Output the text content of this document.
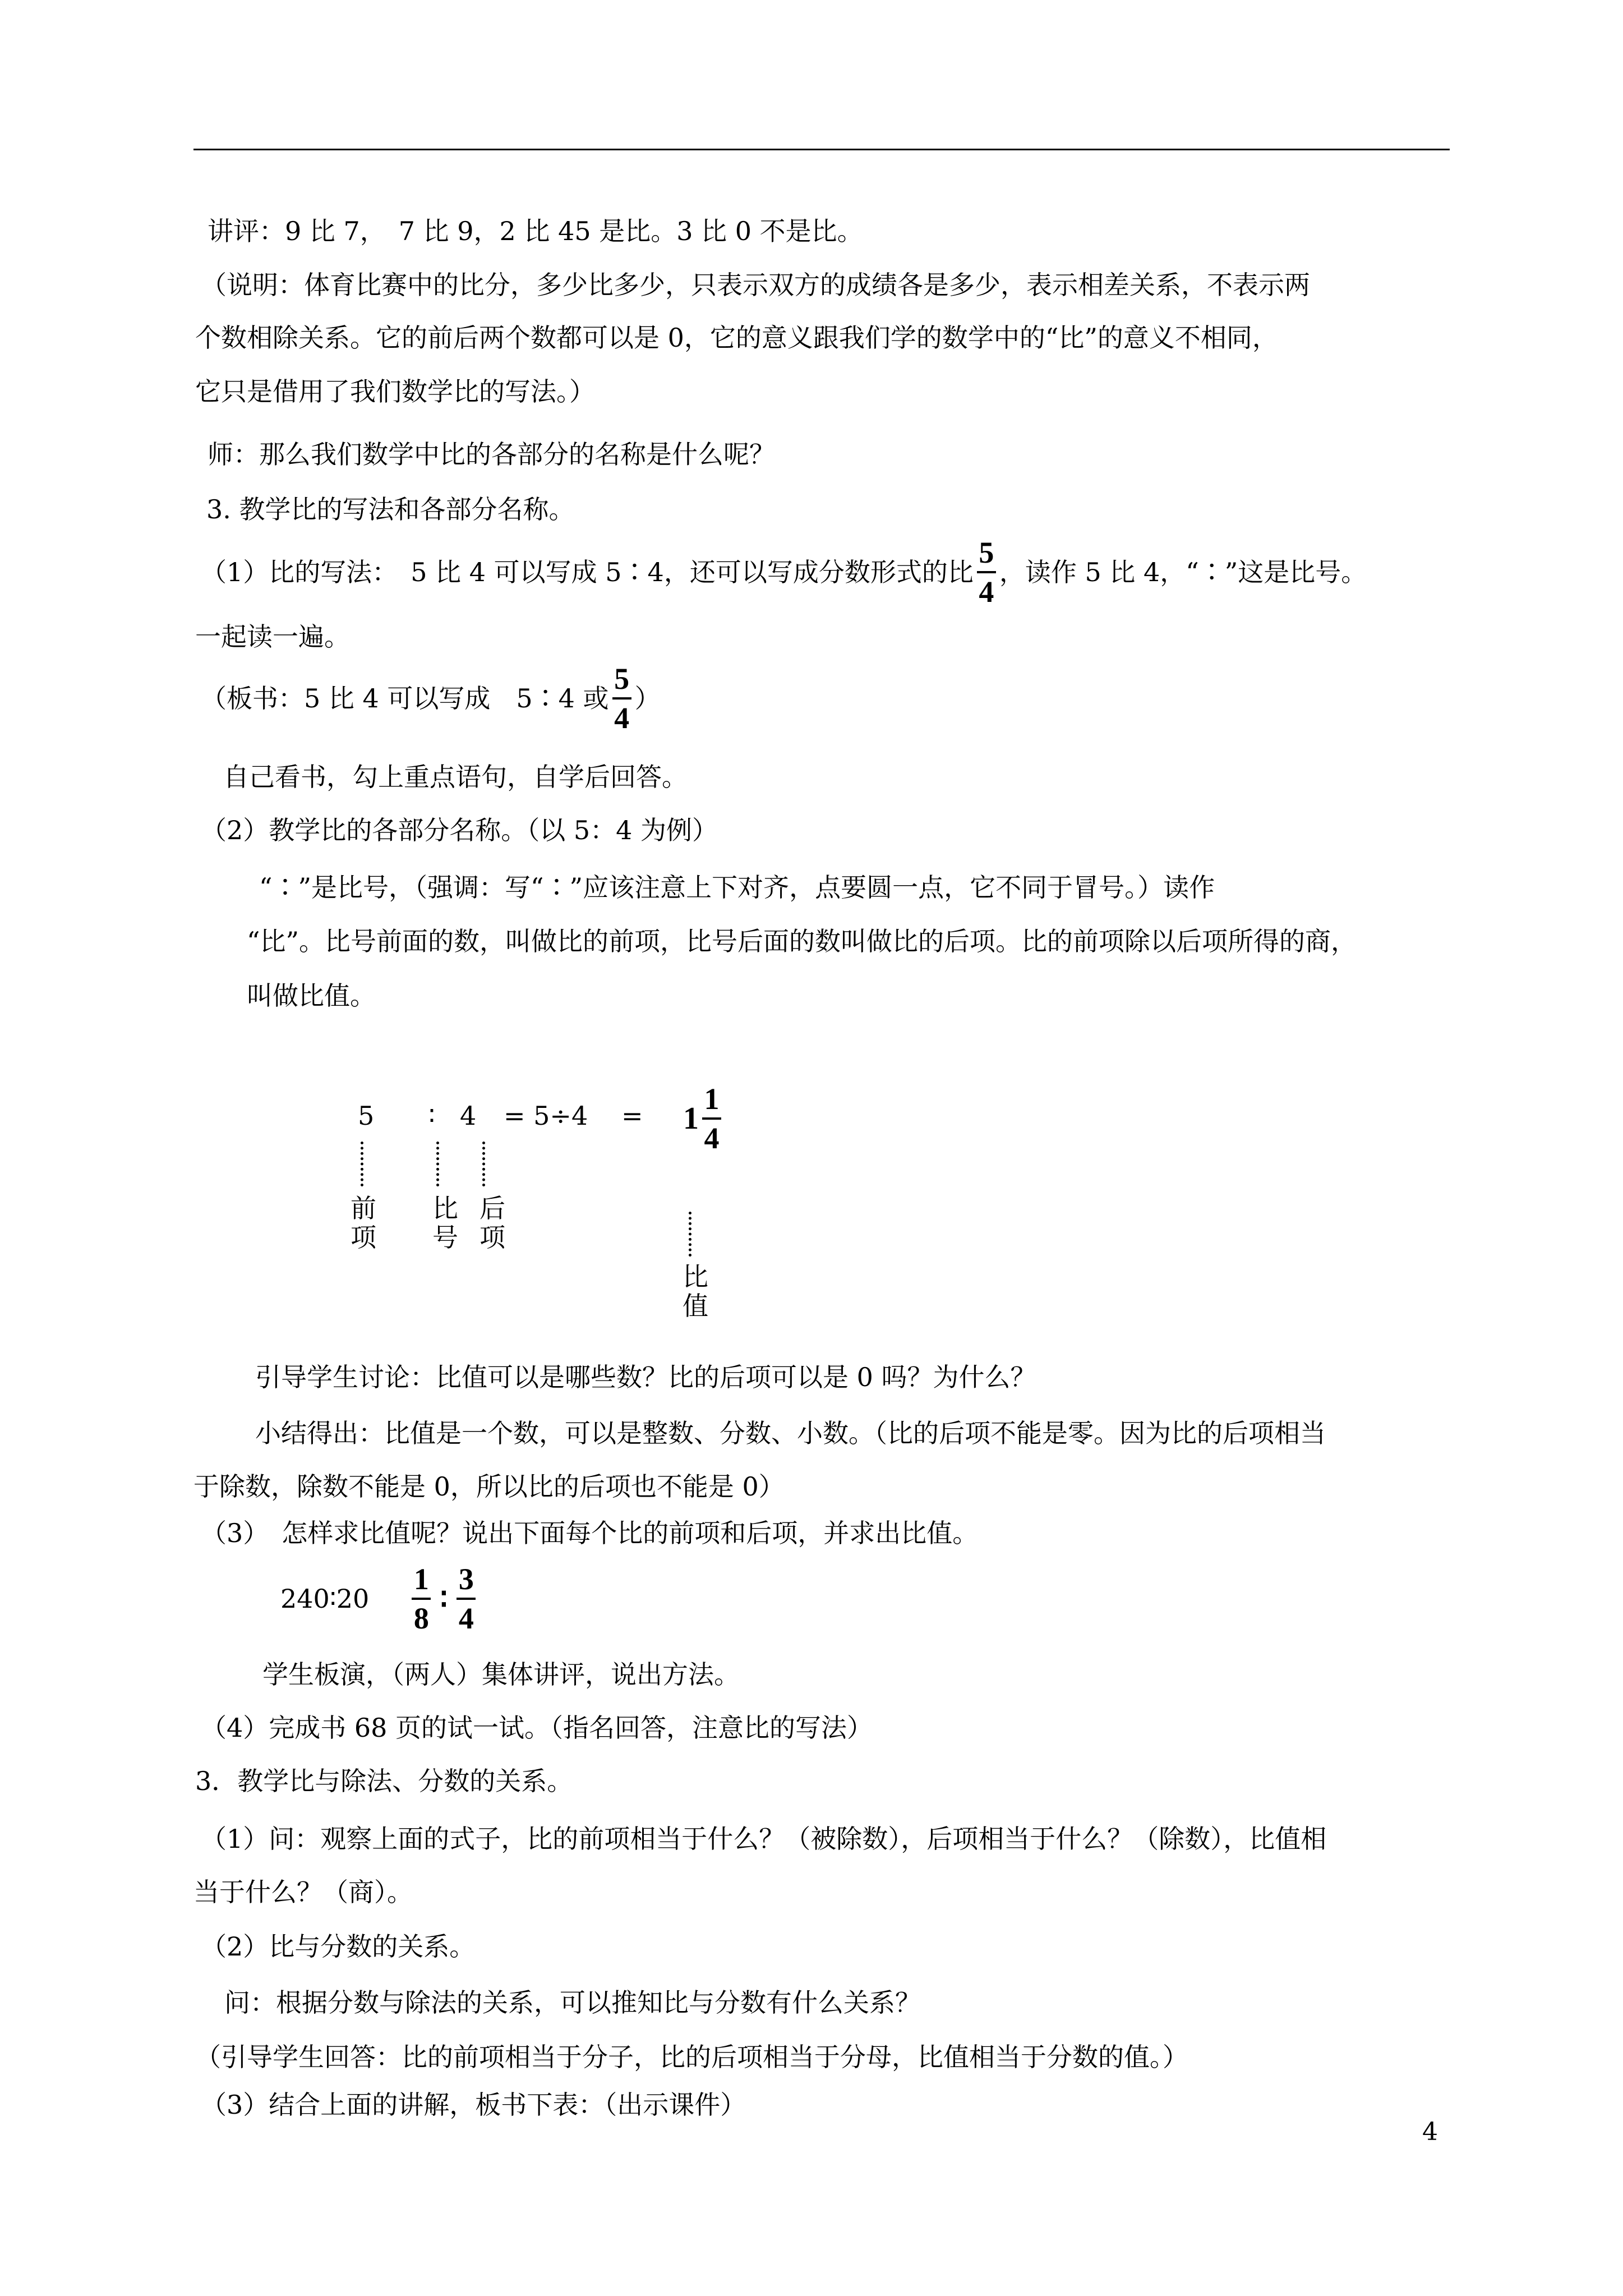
讲评：9 比 7，　7 比 9，2 比 45 是比。3 比 0 不是比。
（说明：体育比赛中的比分，多少比多少，只表示双方的成绩各是多少，表示相差关系，不表示两
个数相除关系。它的前后两个数都可以是 0，它的意义跟我们学的数学中的“比”的意义不相同，
它只是借用了我们数学比的写法。）
师：那么我们数学中比的各部分的名称是什么呢？
3. 教学比的写法和各部分名称。
（1）比的写法：　5 比 4 可以写成 5∶4，还可以写成分数形式的比 $\frac{5}{4}$ ，读作 5 比 4，“∶”这是比号。
一起读一遍。
（板书：5 比 4 可以写成　5∶4 或 $\frac{5}{4}$ ）
自己看书，勾上重点语句，自学后回答。
（2）教学比的各部分名称。（以 5：4 为例）
“∶”是比号，（强调：写“∶”应该注意上下对齐，点要圆一点，它不同于冒号。）读作
“比”。比号前面的数，叫做比的前项，比号后面的数叫做比的后项。比的前项除以后项所得的商，
叫做比值。
5 ∶ $4 = 5\div 4 = 1 \frac{1}{4}$
前
项
比
号
后
项
比
值
引导学生讨论：比值可以是哪些数？比的后项可以是 0 吗？为什么？
小结得出：比值是一个数，可以是整数、分数、小数。（比的后项不能是零。因为比的后项相当
于除数，除数不能是 0，所以比的后项也不能是 0）
（3）　怎样求比值呢？说出下面每个比的前项和后项，并求出比值。
240∶20 $\frac{1}{8}$ ∶ $\frac{3}{4}$
学生板演，（两人）集体讲评，说出方法。
（4）完成书 68 页的试一试。（指名回答，注意比的写法）
3．教学比与除法、分数的关系。
（1）问：观察上面的式子，比的前项相当于什么？（被除数），后项相当于什么？（除数），比值相
当于什么？（商）。
（2）比与分数的关系。
问：根据分数与除法的关系，可以推知比与分数有什么关系？
（引导学生回答：比的前项相当于分子，比的后项相当于分母，比值相当于分数的值。）
（3）结合上面的讲解，板书下表：（出示课件）
4
